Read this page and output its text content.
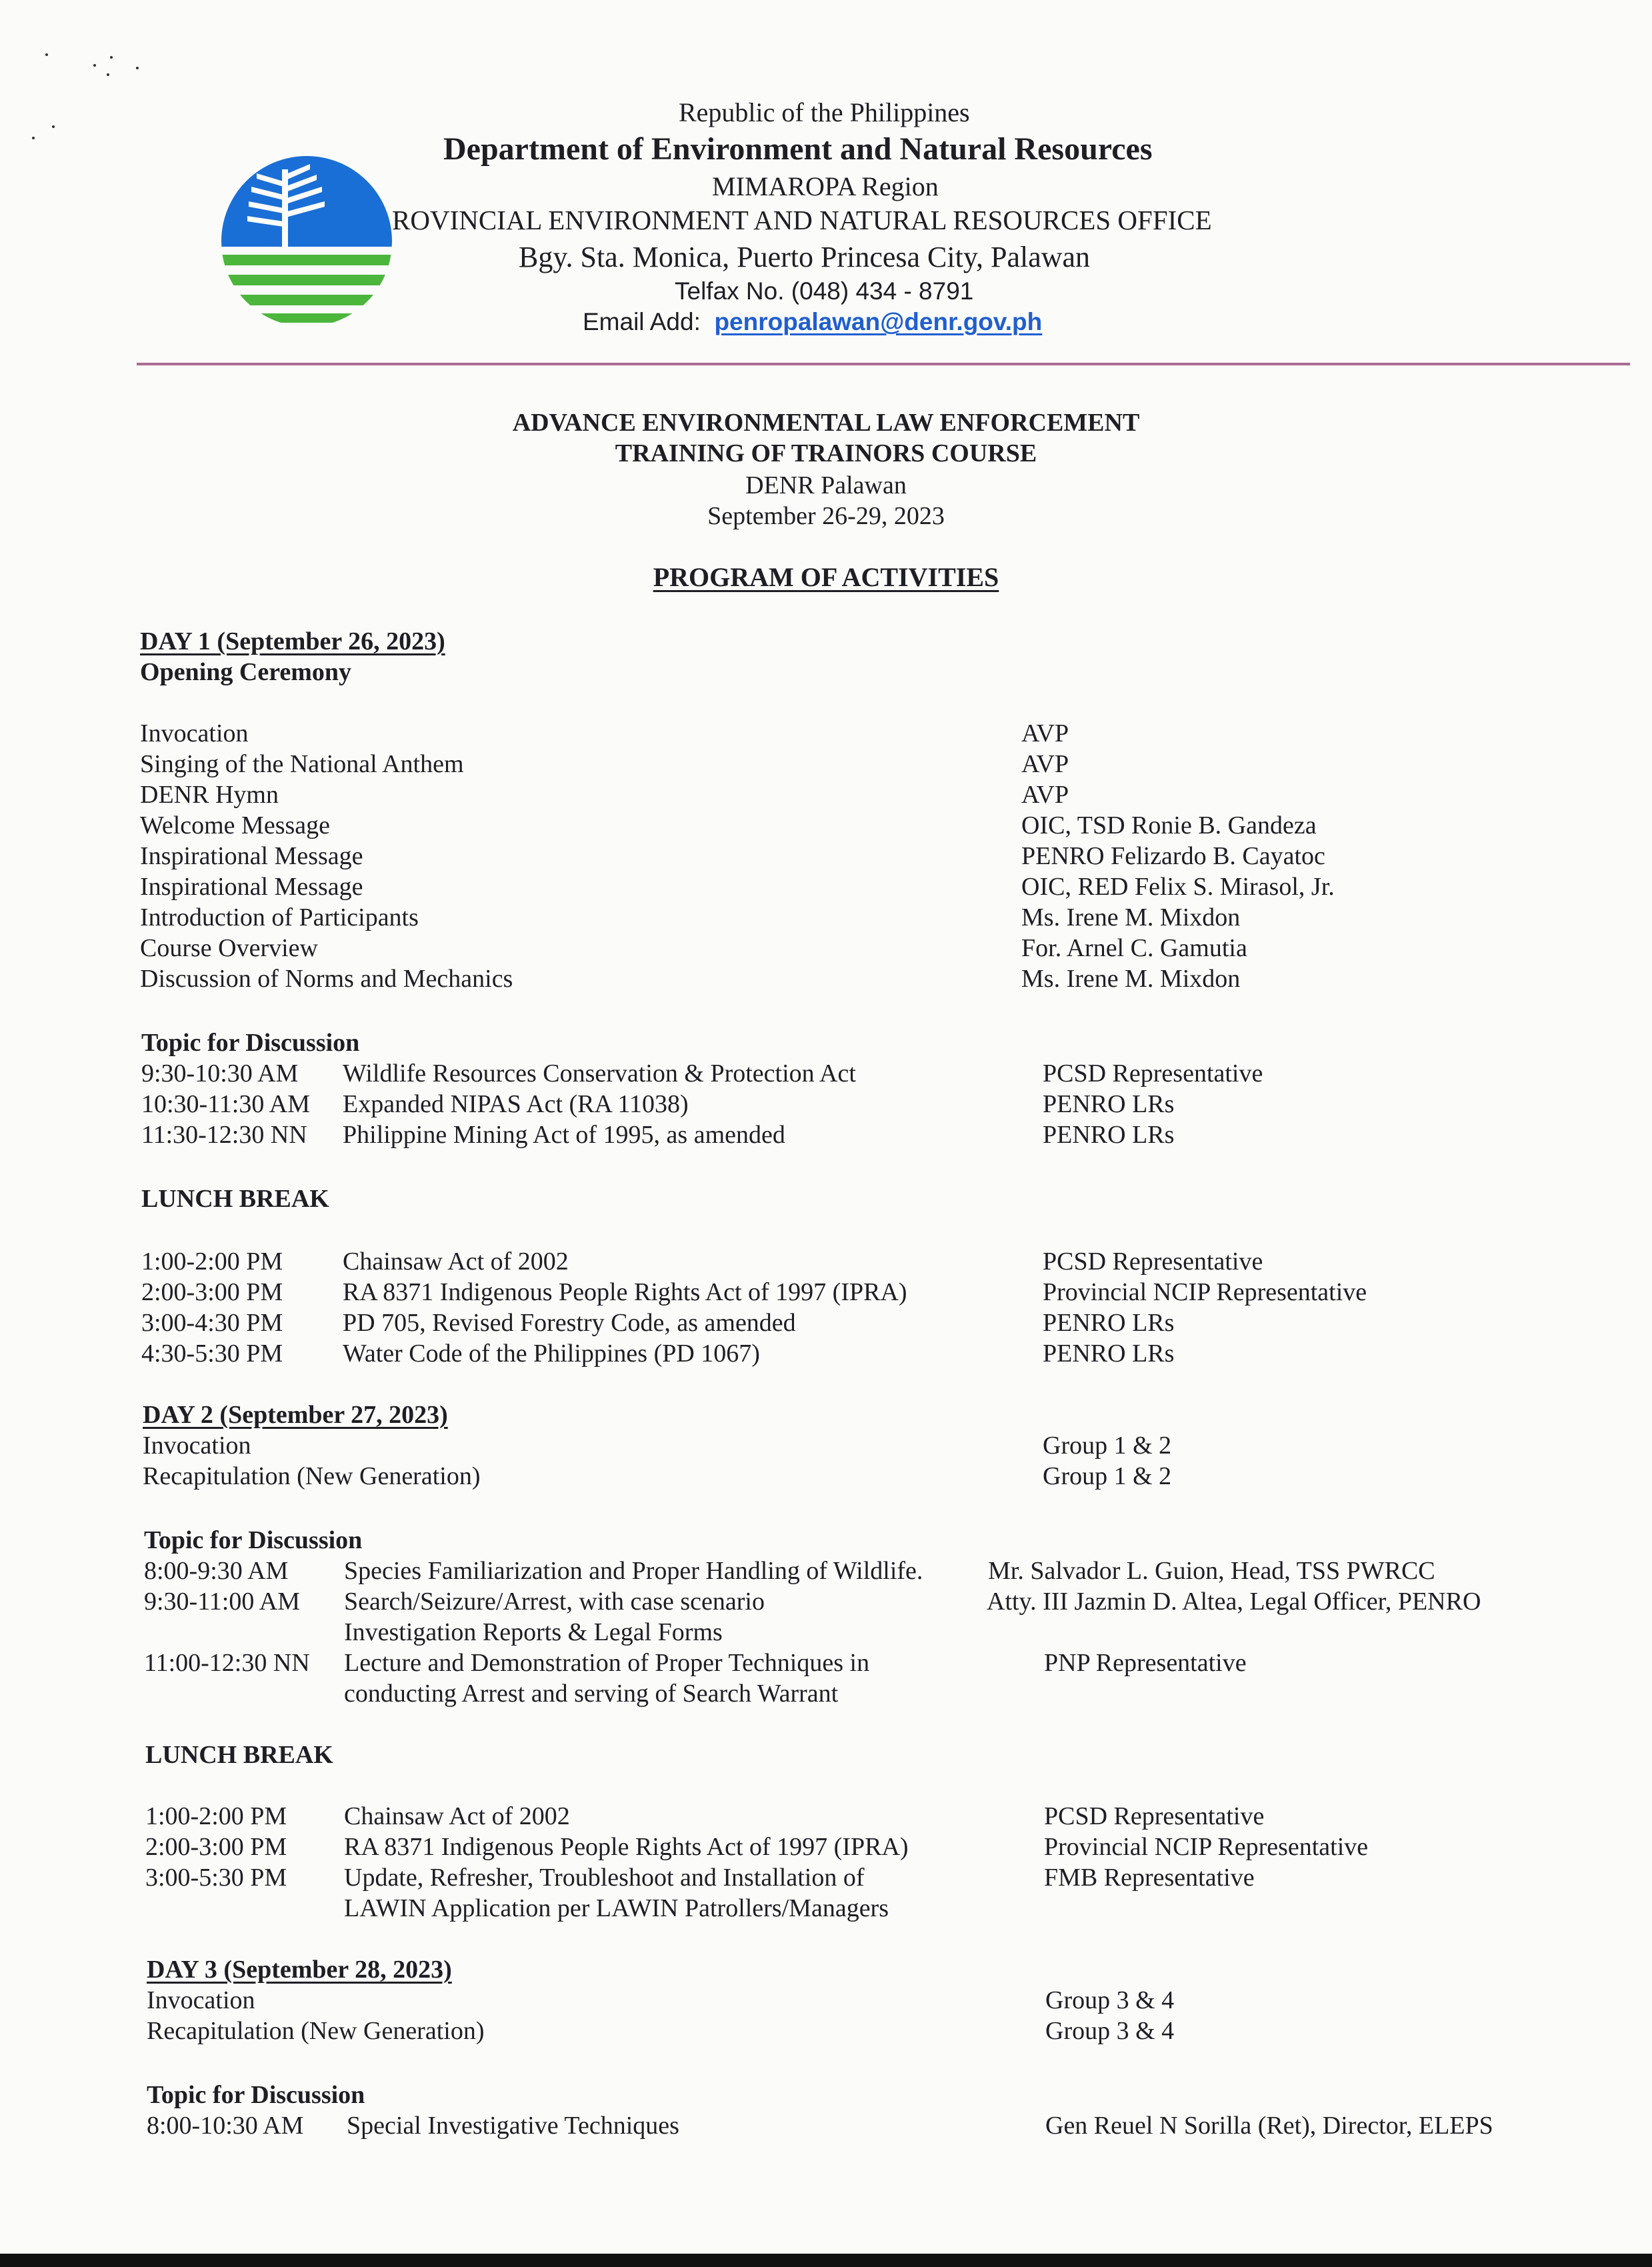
Republic of the Philippines
Department of Environment and Natural Resources
MIMAROPA Region
ROVINCIAL ENVIRONMENT AND NATURAL RESOURCES OFFICE
Bgy. Sta. Monica, Puerto Princesa City, Palawan
Telfax No. (048) 434 - 8791
Email Add: penropalawan@denr.gov.ph
ADVANCE ENVIRONMENTAL LAW ENFORCEMENT
TRAINING OF TRAINORS COURSE
DENR Palawan
September 26-29, 2023
PROGRAM OF ACTIVITIES
DAY 1 (September 26, 2023)
Opening Ceremony
Invocation	AVP
Singing of the National Anthem	AVP
DENR Hymn	AVP
Welcome Message	OIC, TSD Ronie B. Gandeza
Inspirational Message	PENRO Felizardo B. Cayatoc
Inspirational Message	OIC, RED Felix S. Mirasol, Jr.
Introduction of Participants	Ms. Irene M. Mixdon
Course Overview	For. Arnel C. Gamutia
Discussion of Norms and Mechanics	Ms. Irene M. Mixdon
Topic for Discussion
9:30-10:30 AM Wildlife Resources Conservation & Protection Act	PCSD Representative
10:30-11:30 AM Expanded NIPAS Act (RA 11038)	PENRO LRs
11:30-12:30 NN Philippine Mining Act of 1995, as amended	PENRO LRs
LUNCH BREAK
1:00-2:00 PM Chainsaw Act of 2002	PCSD Representative
2:00-3:00 PM RA 8371 Indigenous People Rights Act of 1997 (IPRA)	Provincial NCIP Representative
3:00-4:30 PM PD 705, Revised Forestry Code, as amended	PENRO LRs
4:30-5:30 PM Water Code of the Philippines (PD 1067)	PENRO LRs
DAY 2 (September 27, 2023)
Invocation	Group 1 & 2
Recapitulation (New Generation)	Group 1 & 2
Topic for Discussion
8:00-9:30 AM Species Familiarization and Proper Handling of Wildlife.	Mr. Salvador L. Guion, Head, TSS PWRCC
9:30-11:00 AM Search/Seizure/Arrest, with case scenario	Atty. III Jazmin D. Altea, Legal Officer, PENRO
Investigation Reports & Legal Forms
11:00-12:30 NN Lecture and Demonstration of Proper Techniques in	PNP Representative
conducting Arrest and serving of Search Warrant
LUNCH BREAK
1:00-2:00 PM Chainsaw Act of 2002	PCSD Representative
2:00-3:00 PM RA 8371 Indigenous People Rights Act of 1997 (IPRA)	Provincial NCIP Representative
3:00-5:30 PM Update, Refresher, Troubleshoot and Installation of	FMB Representative
LAWIN Application per LAWIN Patrollers/Managers
DAY 3 (September 28, 2023)
Invocation	Group 3 & 4
Recapitulation (New Generation)	Group 3 & 4
Topic for Discussion
8:00-10:30 AM Special Investigative Techniques	Gen Reuel N Sorilla (Ret), Director, ELEPS
